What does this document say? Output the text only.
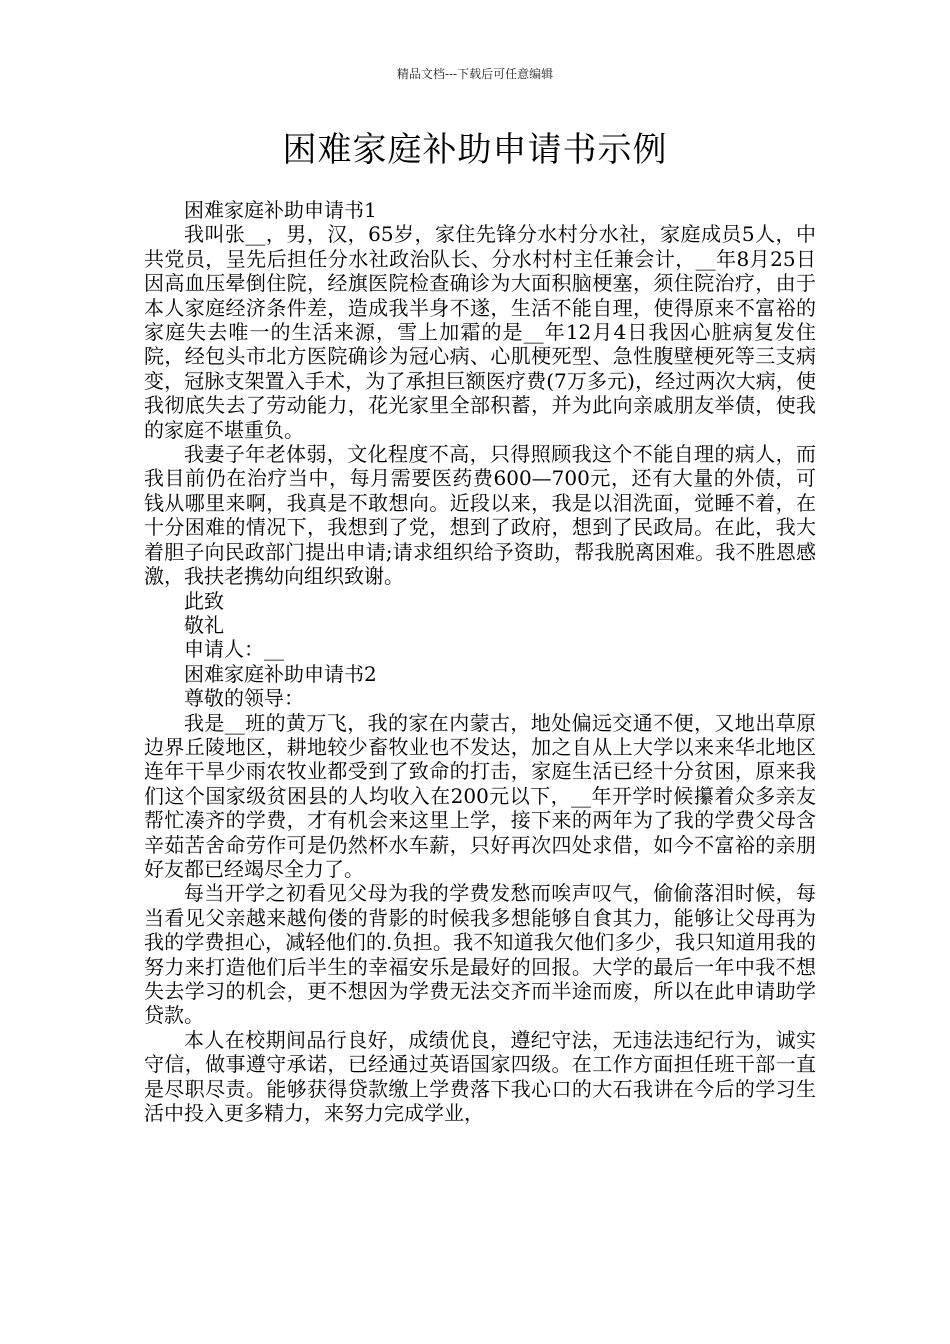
精品文档---下载后可任意编辑
困难家庭补助申请书示例

困难家庭补助申请书1

我叫张__，男，汉，65岁，家住先锋分水村分水社，家庭成员5人，中共党员，呈先后担任分水社政治队长、分水村村主任兼会计，__年8月25日因高血压晕倒住院，经旗医院检查确诊为大面积脑梗塞，须住院治疗，由于本人家庭经济条件差，造成我半身不遂，生活不能自理，使得原来不富裕的家庭失去唯一的生活来源，雪上加霜的是__年12月4日我因心脏病复发住院，经包头市北方医院确诊为冠心病、心肌梗死型、急性腹壁梗死等三支病变，冠脉支架置入手术，为了承担巨额医疗费(7万多元)，经过两次大病，使我彻底失去了劳动能力，花光家里全部积蓄，并为此向亲戚朋友举债，使我的家庭不堪重负。

我妻子年老体弱，文化程度不高，只得照顾我这个不能自理的病人，而我目前仍在治疗当中，每月需要医药费600—700元，还有大量的外债，可钱从哪里来啊，我真是不敢想向。近段以来，我是以泪洗面，觉睡不着，在十分困难的情况下，我想到了党，想到了政府，想到了民政局。在此，我大着胆子向民政部门提出申请;请求组织给予资助，帮我脱离困难。我不胜恩感激，我扶老携幼向组织致谢。

此致

敬礼

申请人：__

困难家庭补助申请书2

尊敬的领导：

我是__班的黄万飞，我的家在内蒙古，地处偏远交通不便，又地出草原边界丘陵地区，耕地较少畜牧业也不发达，加之自从上大学以来来华北地区连年干旱少雨农牧业都受到了致命的打击，家庭生活已经十分贫困，原来我们这个国家级贫困县的人均收入在200元以下，__年开学时候攥着众多亲友帮忙凑齐的学费，才有机会来这里上学，接下来的两年为了我的学费父母含辛茹苦舍命劳作可是仍然杯水车薪，只好再次四处求借，如今不富裕的亲朋好友都已经竭尽全力了。

每当开学之初看见父母为我的学费发愁而唉声叹气，偷偷落泪时候，每当看见父亲越来越佝偻的背影的时候我多想能够自食其力，能够让父母再为我的学费担心，减轻他们的.负担。我不知道我欠他们多少，我只知道用我的努力来打造他们后半生的幸福安乐是最好的回报。大学的最后一年中我不想失去学习的机会，更不想因为学费无法交齐而半途而废，所以在此申请助学贷款。

本人在校期间品行良好，成绩优良，遵纪守法，无违法违纪行为，诚实守信，做事遵守承诺，已经通过英语国家四级。在工作方面担任班干部一直是尽职尽责。能够获得贷款缴上学费落下我心口的大石我讲在今后的学习生活中投入更多精力，来努力完成学业，
